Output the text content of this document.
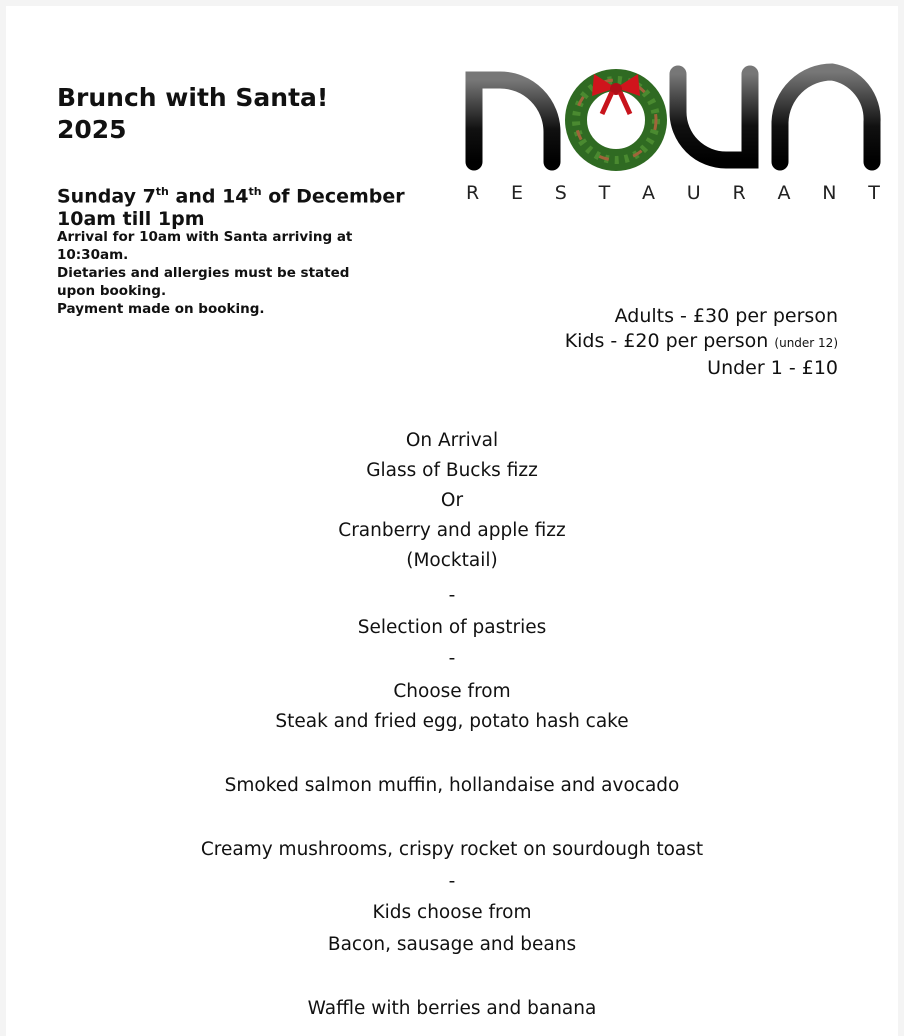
Brunch with Santa!
2025
Sunday 7th and 14th of December
10am till 1pm
Arrival for 10am with Santa arriving at 10:30am.
Dietaries and allergies must be stated upon booking.
Payment made on booking.
R E S T A U R A N T
Adults - £30 per person
Kids - £20 per person (under 12)
Under 1 - £10
On Arrival
Glass of Bucks fizz
Or
Cranberry and apple fizz
(Mocktail)
-
Selection of pastries
-
Choose from
Steak and fried egg, potato hash cake
Smoked salmon muffin, hollandaise and avocado
Creamy mushrooms, crispy rocket on sourdough toast
-
Kids choose from
Bacon, sausage and beans
Waffle with berries and banana
